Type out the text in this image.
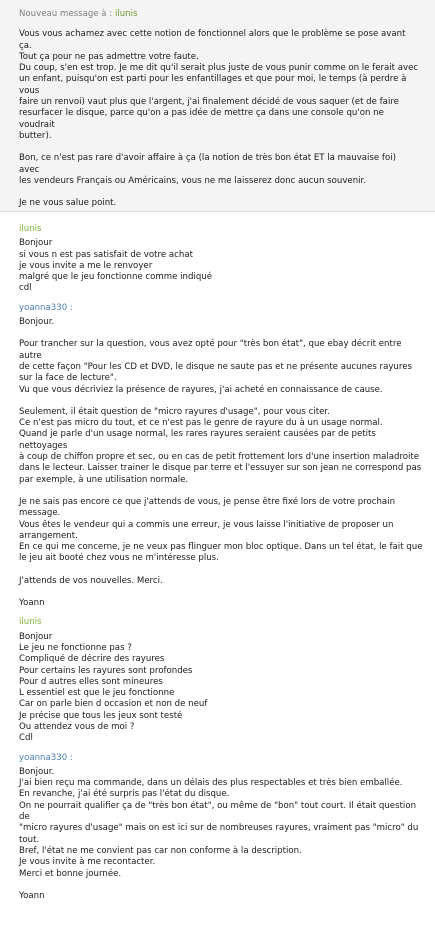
Nouveau message à : ilunis

Vous vous achamez avec cette notion de fonctionnel alors que le problème se pose avant ça.
Tout ça pour ne pas admettre votre faute.
Du coup, s'en est trop. Je me dit qu'il serait plus juste de vous punir comme on le ferait avec
un enfant, puisqu'on est parti pour les enfantillages et que pour moi, le temps (à perdre à vous
faire un renvoi) vaut plus que l'argent, j'ai finalement décidé de vous saquer (et de faire
resurfacer le disque, parce qu'on a pas idée de mettre ça dans une console qu'on ne voudrait
butter).

Bon, ce n'est pas rare d'avoir affaire à ça (la notion de très bon état ET la mauvaise foi) avec
les vendeurs Français ou Américains, vous ne me laisserez donc aucun souvenir.

Je ne vous salue point.

ilunis

Bonjour
si vous n est pas satisfait de votre achat
je vous invite a me le renvoyer
malgré que le jeu fonctionne comme indiqué
cdl

yoanna330 :

Bonjour.

Pour trancher sur la question, vous avez opté pour "très bon état", que ebay décrit entre autre
de cette façon "Pour les CD et DVD, le disque ne saute pas et ne présente aucunes rayures
sur la face de lecture".
Vu que vous décriviez la présence de rayures, j'ai acheté en connaissance de cause.

Seulement, il était question de "micro rayures d'usage", pour vous citer.
Ce n'est pas micro du tout, et ce n'est pas le genre de rayure du à un usage normal.
Quand je parle d'un usage normal, les rares rayures seraient causées par de petits nettoyages
à coup de chiffon propre et sec, ou en cas de petit frottement lors d'une insertion maladroite
dans le lecteur. Laisser trainer le disque par terre et l'essuyer sur son jean ne correspond pas
par exemple, à une utilisation normale.

Je ne sais pas encore ce que j'attends de vous, je pense être fixé lors de votre prochain
message.
Vous êtes le vendeur qui a commis une erreur, je vous laisse l'initiative de proposer un
arrangement.
En ce qui me concerne, je ne veux pas flinguer mon bloc optique. Dans un tel état, le fait que
le jeu ait booté chez vous ne m'intéresse plus.

J'attends de vos nouvelles. Merci.

Yoann

ilunis

Bonjour
Le jeu ne fonctionne pas ?
Compliqué de décrire des rayures
Pour certains les rayures sont profondes
Pour d autres elles sont mineures
L essentiel est que le jeu fonctionne
Car on parle bien d occasion et non de neuf
Je précise que tous les jeux sont testé
Ou attendez vous de moi ?
Cdl

yoanna330 :

Bonjour.
J'ai bien reçu ma commande, dans un délais des plus respectables et très bien emballée.
En revanche, j'ai été surpris pas l'état du disque.
On ne pourrait qualifier ça de "très bon état", ou même de "bon" tout court. Il était question de
"micro rayures d'usage" mais on est ici sur de nombreuses rayures, vraiment pas "micro" du
tout.
Bref, l'état ne me convient pas car non conforme à la description.
Je vous invite à me recontacter.
Merci et bonne journée.

Yoann
